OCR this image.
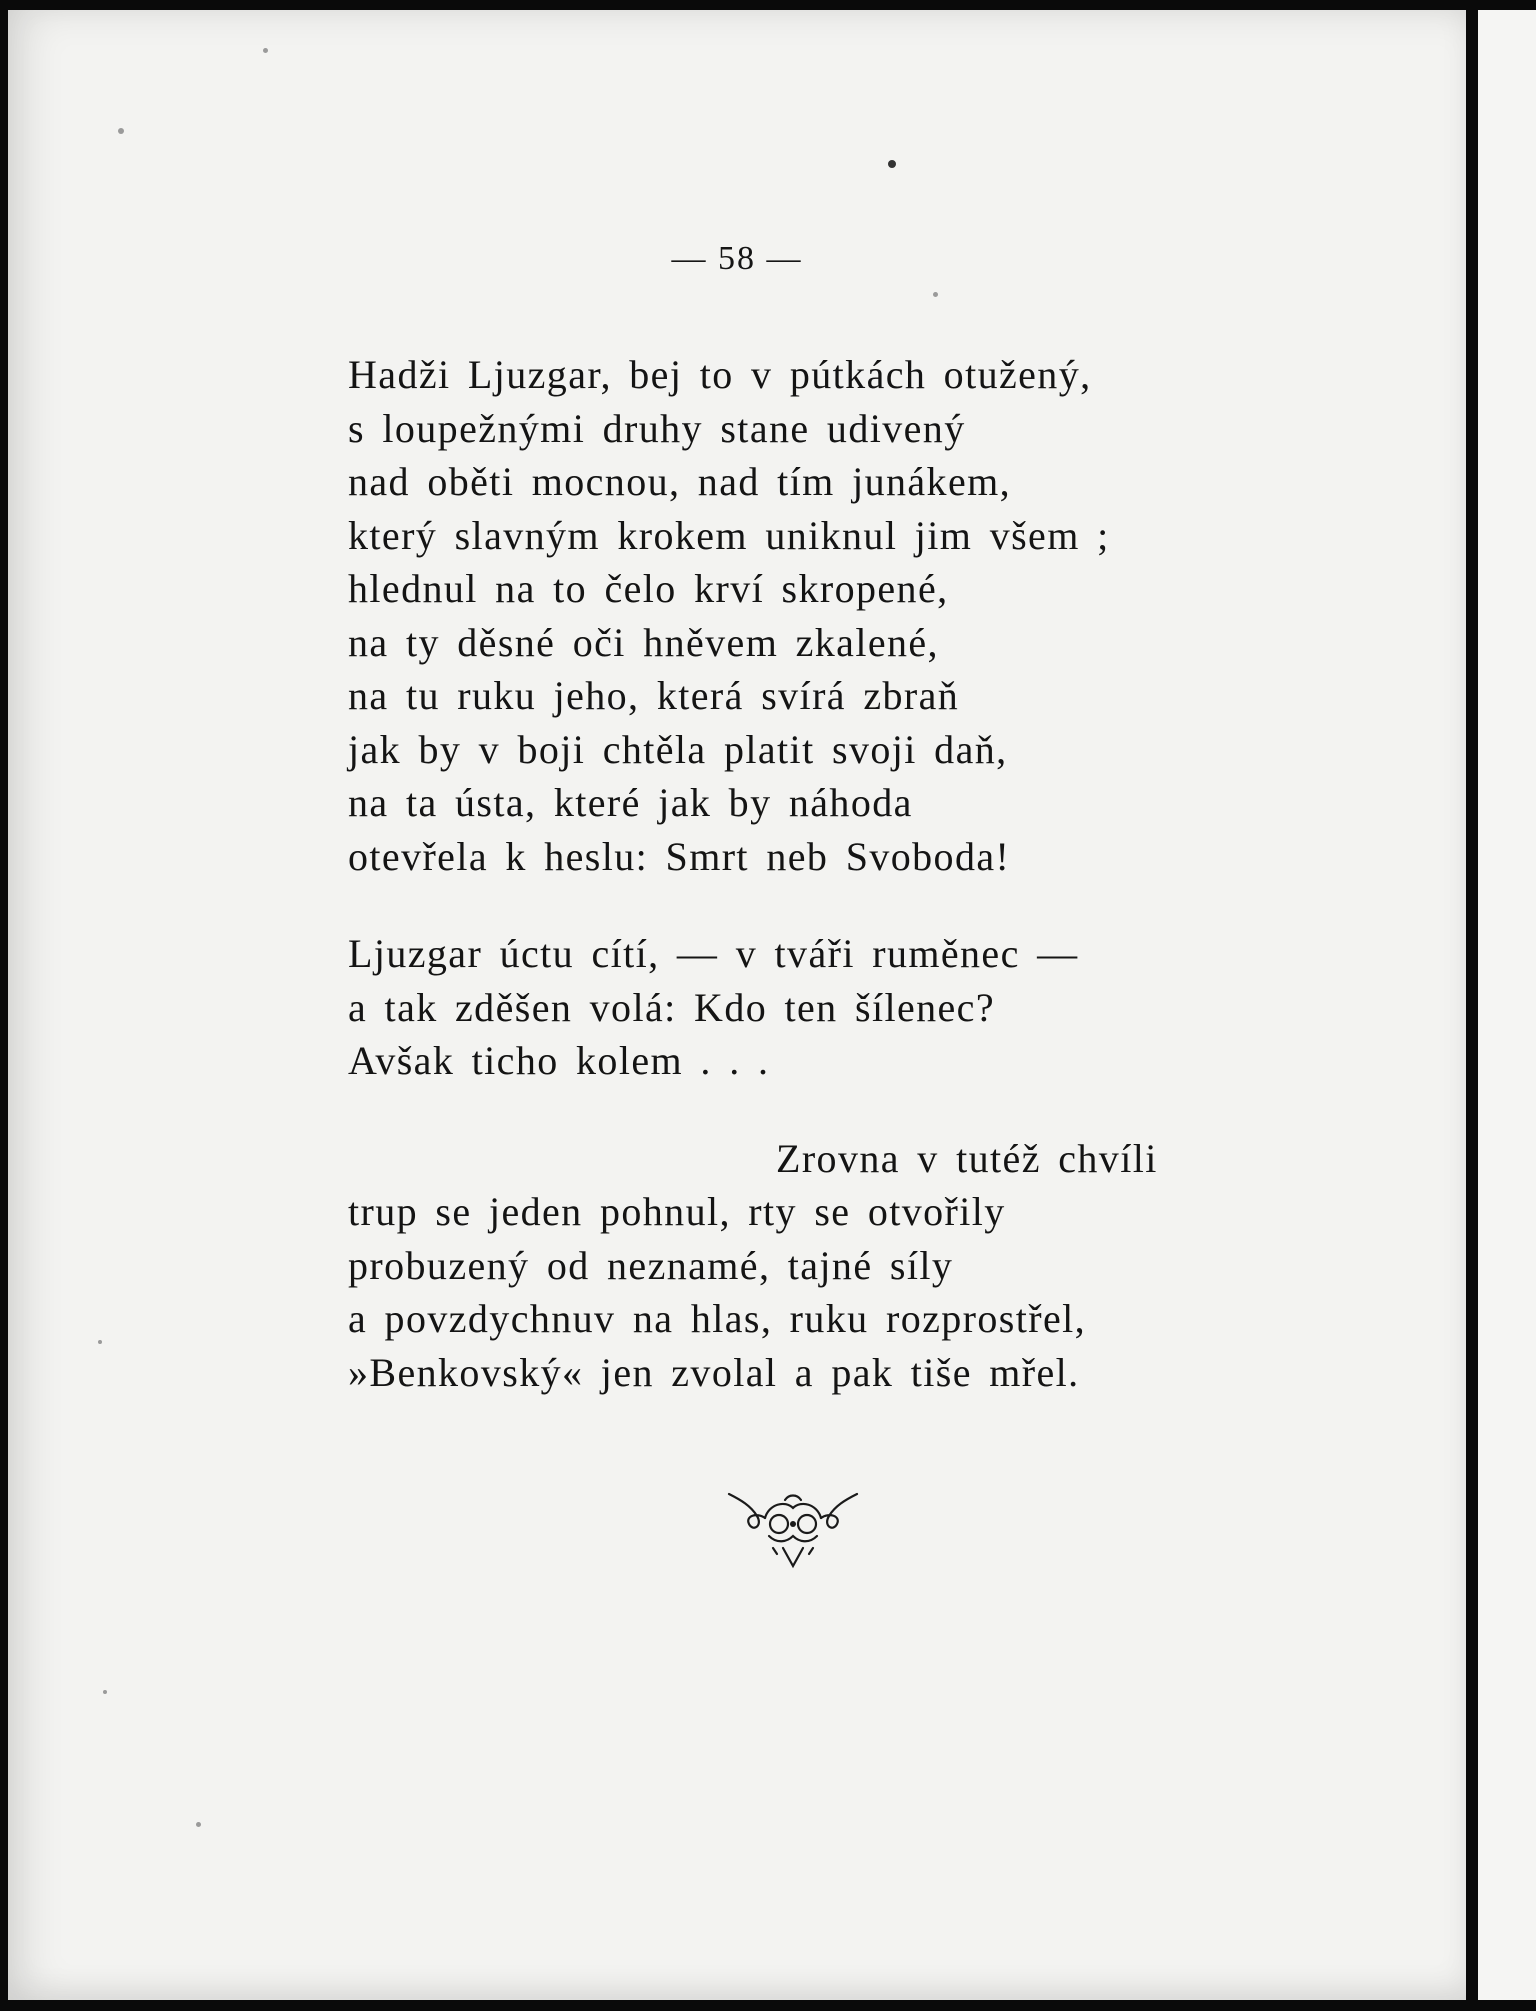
— 58 —
Hadži Ljuzgar, bej to v pútkách otužený,
s loupežnými druhy stane udivený
nad oběti mocnou, nad tím junákem,
který slavným krokem uniknul jim všem ;
hlednul na to čelo krví skropené,
na ty děsné oči hněvem zkalené,
na tu ruku jeho, která svírá zbraň
jak by v boji chtěla platit svoji daň,
na ta ústa, které jak by náhoda
otevřela k heslu: Smrt neb Svoboda!
Ljuzgar úctu cítí, — v tváři ruměnec —
a tak zděšen volá: Kdo ten šílenec?
Avšak ticho kolem . . .
Zrovna v tutéž chvíli
trup se jeden pohnul, rty se otvořily
probuzený od neznamé, tajné síly
a povzdychnuv na hlas, ruku rozprostřel,
»Benkovský« jen zvolal a pak tiše mřel.
